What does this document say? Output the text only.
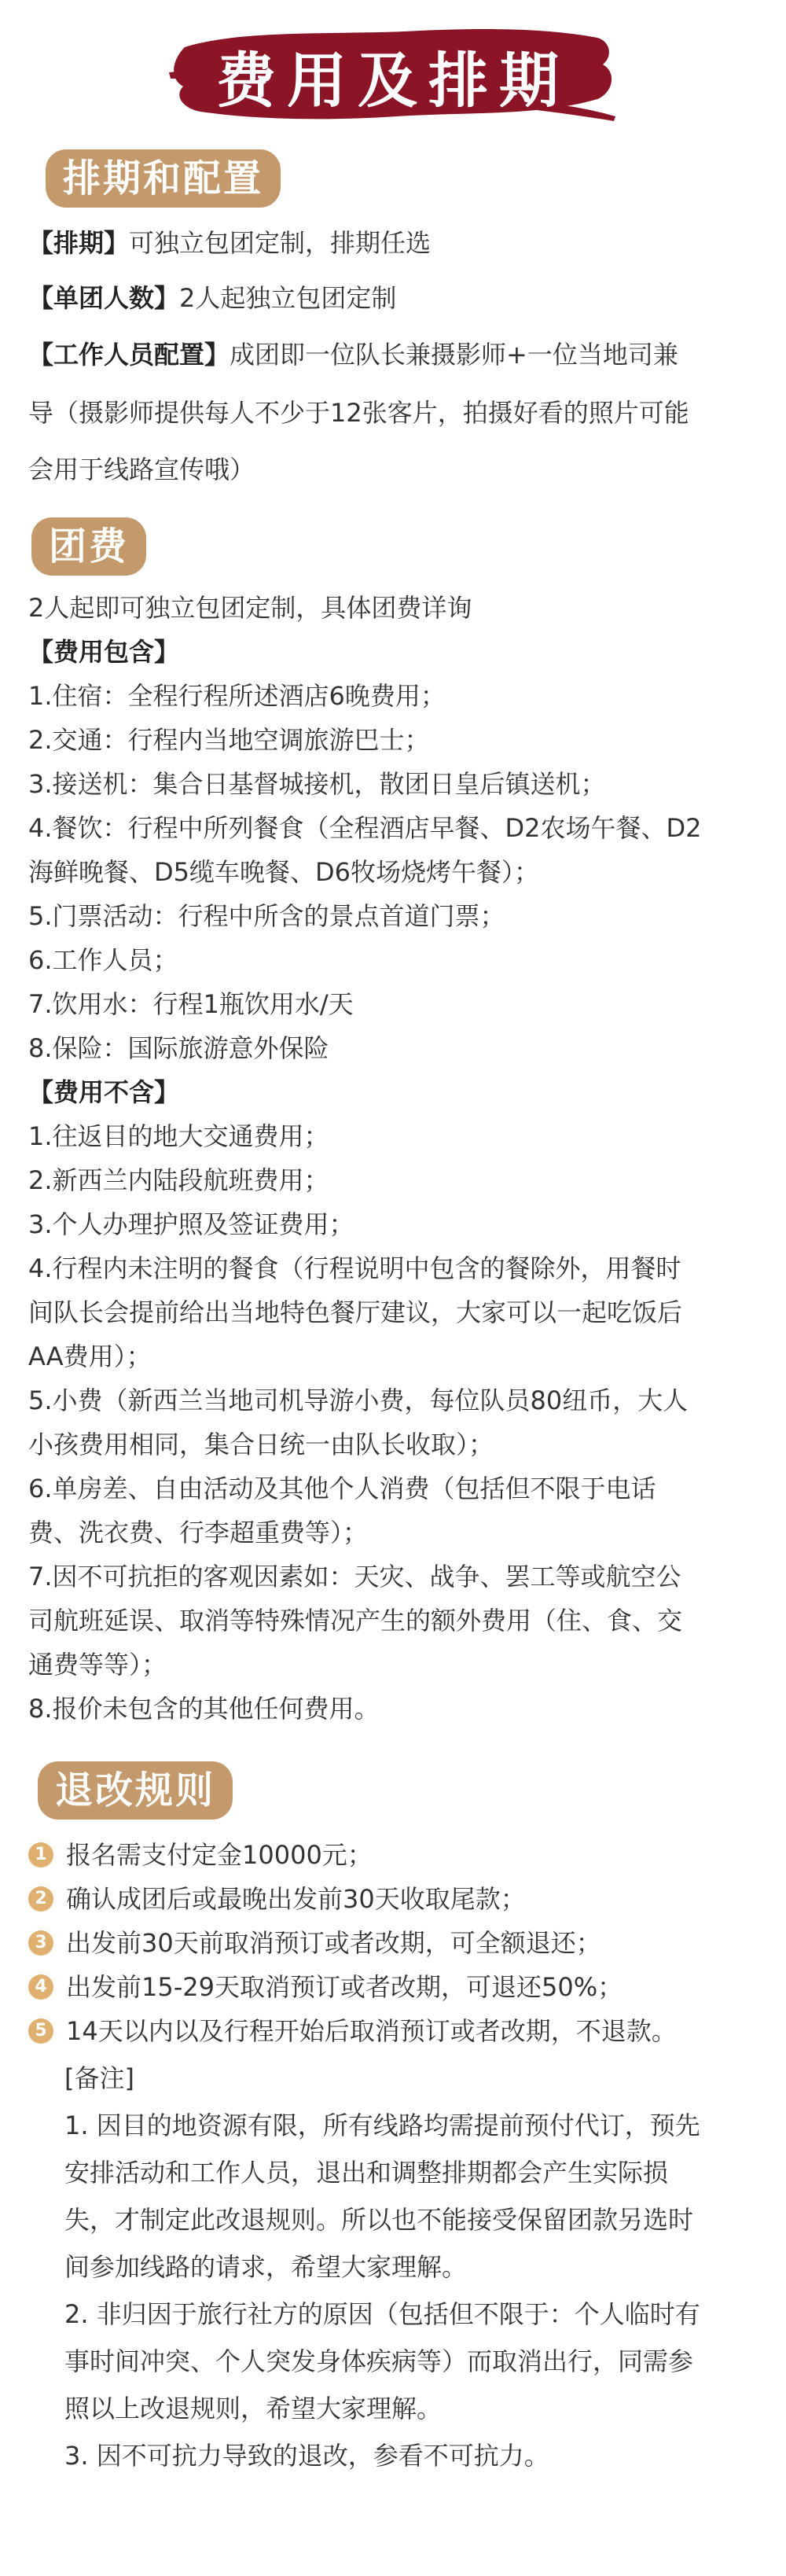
费用及排期
排期和配置
【排期】可独立包团定制，排期任选
【单团人数】2人起独立包团定制
【工作人员配置】成团即一位队长兼摄影师+一位当地司兼
导（摄影师提供每人不少于12张客片，拍摄好看的照片可能
会用于线路宣传哦）
团费
2人起即可独立包团定制，具体团费详询
【费用包含】
1.住宿：全程行程所述酒店6晚费用；
2.交通：行程内当地空调旅游巴士；
3.接送机：集合日基督城接机，散团日皇后镇送机；
4.餐饮：行程中所列餐食（全程酒店早餐、D2农场午餐、D2
海鲜晚餐、D5缆车晚餐、D6牧场烧烤午餐）；
5.门票活动：行程中所含的景点首道门票；
6.工作人员；
7.饮用水：行程1瓶饮用水/天
8.保险：国际旅游意外保险
【费用不含】
1.往返目的地大交通费用；
2.新西兰内陆段航班费用；
3.个人办理护照及签证费用；
4.行程内未注明的餐食（行程说明中包含的餐除外，用餐时
间队长会提前给出当地特色餐厅建议，大家可以一起吃饭后
AA费用）；
5.小费（新西兰当地司机导游小费，每位队员80纽币，大人
小孩费用相同，集合日统一由队长收取）；
6.单房差、自由活动及其他个人消费（包括但不限于电话
费、洗衣费、行李超重费等）；
7.因不可抗拒的客观因素如：天灾、战争、罢工等或航空公
司航班延误、取消等特殊情况产生的额外费用（住、食、交
通费等等）；
8.报价未包含的其他任何费用。
退改规则
1 报名需支付定金10000元；
2 确认成团后或最晚出发前30天收取尾款；
3 出发前30天前取消预订或者改期，可全额退还；
4 出发前15-29天取消预订或者改期，可退还50%；
5 14天以内以及行程开始后取消预订或者改期，不退款。
[备注]
1. 因目的地资源有限，所有线路均需提前预付代订，预先
安排活动和工作人员，退出和调整排期都会产生实际损
失，才制定此改退规则。所以也不能接受保留团款另选时
间参加线路的请求，希望大家理解。
2. 非归因于旅行社方的原因（包括但不限于：个人临时有
事时间冲突、个人突发身体疾病等）而取消出行，同需参
照以上改退规则，希望大家理解。
3. 因不可抗力导致的退改，参看不可抗力。
